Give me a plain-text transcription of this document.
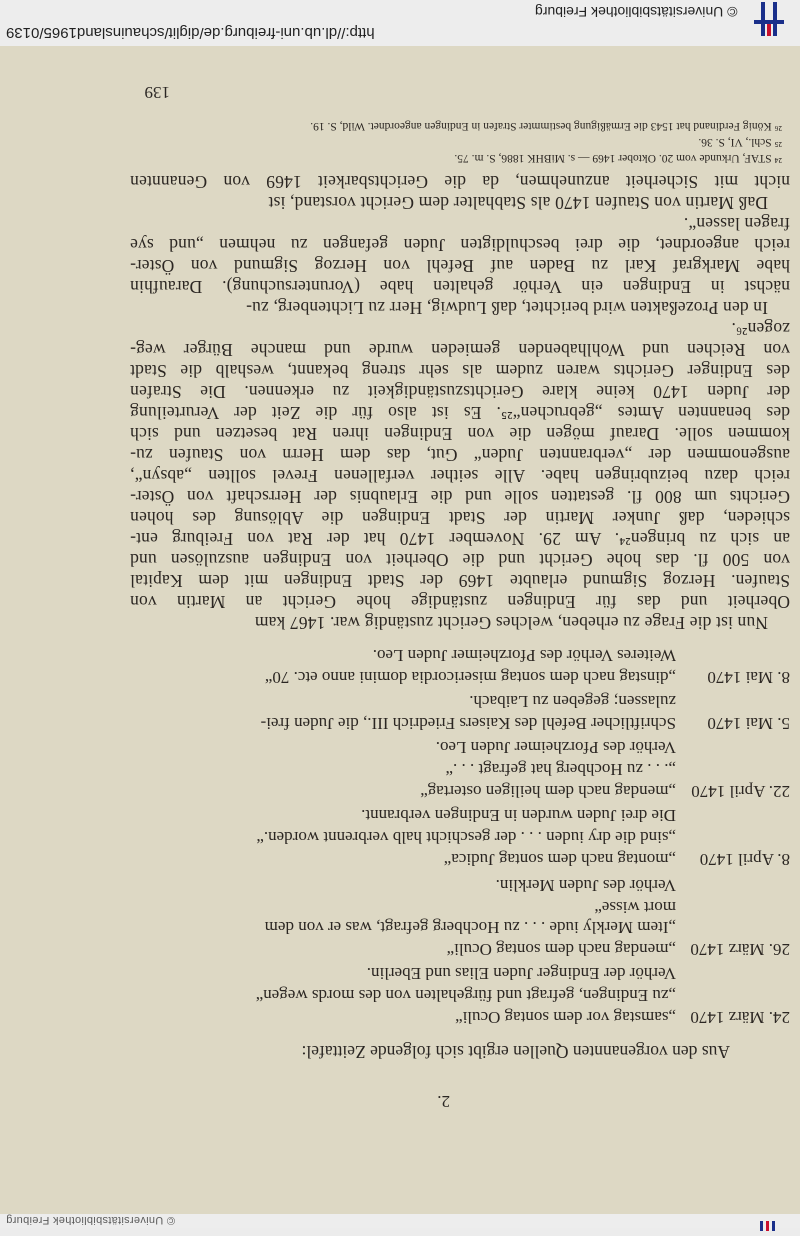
http://dl.ub.uni-freiburg.de/diglit/schauinsland1965/0139
© Universitätsbibliothek Freiburg
2.
Aus den vorgenannten Quellen ergibt sich folgende Zeittafel:
24. März 1470
„samstag vor dem sontag Oculi“
„zu Endingen, gefragt und fürgehalten von des mords wegen“
Verhör der Endinger Juden Elias und Eberlin.
26. März 1470
„mendag nach dem sontag Oculi“
„Item Merkly iude . . . zu Hochberg gefragt, was er von dem
mort wisse“
Verhör des Juden Merklin.
8. April 1470
„montag nach dem sontag Judica“
„sind die dry iuden . . . der geschicht halb verbrennt worden.“
Die drei Juden wurden in Endingen verbrannt.
22. April 1470
„mendag nach dem heiligen ostertag“
„. . . zu Hochberg hat gefragt . . .“
Verhör des Pforzheimer Juden Leo.
5. Mai 1470
Schriftlicher Befehl des Kaisers Friedrich III., die Juden frei-
zulassen; gegeben zu Laibach.
8. Mai 1470
„dinstag nach dem sontag misericordia domini anno etc. 70“
Weiteres Verhör des Pforzheimer Juden Leo.
Nun ist die Frage zu erheben, welches Gericht zuständig war. 1467 kam
Oberheit und das für Endingen zuständige hohe Gericht an Martin von
Staufen. Herzog Sigmund erlaubte 1469 der Stadt Endingen mit dem Kapital
von 500 fl. das hohe Gericht und die Oberheit von Endingen auszulösen und
an sich zu bringen²⁴. Am 29. November 1470 hat der Rat von Freiburg ent-
schieden, daß Junker Martin der Stadt Endingen die Ablösung des hohen
Gerichts um 800 fl. gestatten solle und die Erlaubnis der Herrschaft von Öster-
reich dazu beizubringen habe. Alle seither verfallenen Frevel sollten „absyn“,
ausgenommen der „verbrannten Juden“ Gut, das dem Herrn von Staufen zu-
kommen solle. Darauf mögen die von Endingen ihren Rat besetzen und sich
des benannten Amtes „gebruchen“²⁵. Es ist also für die Zeit der Verurteilung
der Juden 1470 keine klare Gerichtszuständigkeit zu erkennen. Die Strafen
des Endinger Gerichts waren zudem als sehr streng bekannt, weshalb die Stadt
von Reichen und Wohlhabenden gemieden wurde und manche Bürger weg-
zogen²⁶.
In den Prozeßakten wird berichtet, daß Ludwig, Herr zu Lichtenberg, zu-
nächst in Endingen ein Verhör gehalten habe (Voruntersuchung). Daraufhin
habe Markgraf Karl zu Baden auf Befehl von Herzog Sigmund von Öster-
reich angeordnet, die drei beschuldigten Juden gefangen zu nehmen „und sye
fragen lassen“.
Daß Martin von Staufen 1470 als Stabhalter dem Gericht vorstand, ist
nicht mit Sicherheit anzunehmen, da die Gerichtsbarkeit 1469 von Genannten
²⁴ STAF, Urkunde vom 20. Oktober 1469 — s. MiBHK 1886, S. m. 75.
²⁵ Schl., VI, S. 36.
²⁶ König Ferdinand hat 1543 die Ermäßigung bestimmter Strafen in Endingen angeordnet. Wild, S. 19.
139
© Universitätsbibliothek Freiburg
